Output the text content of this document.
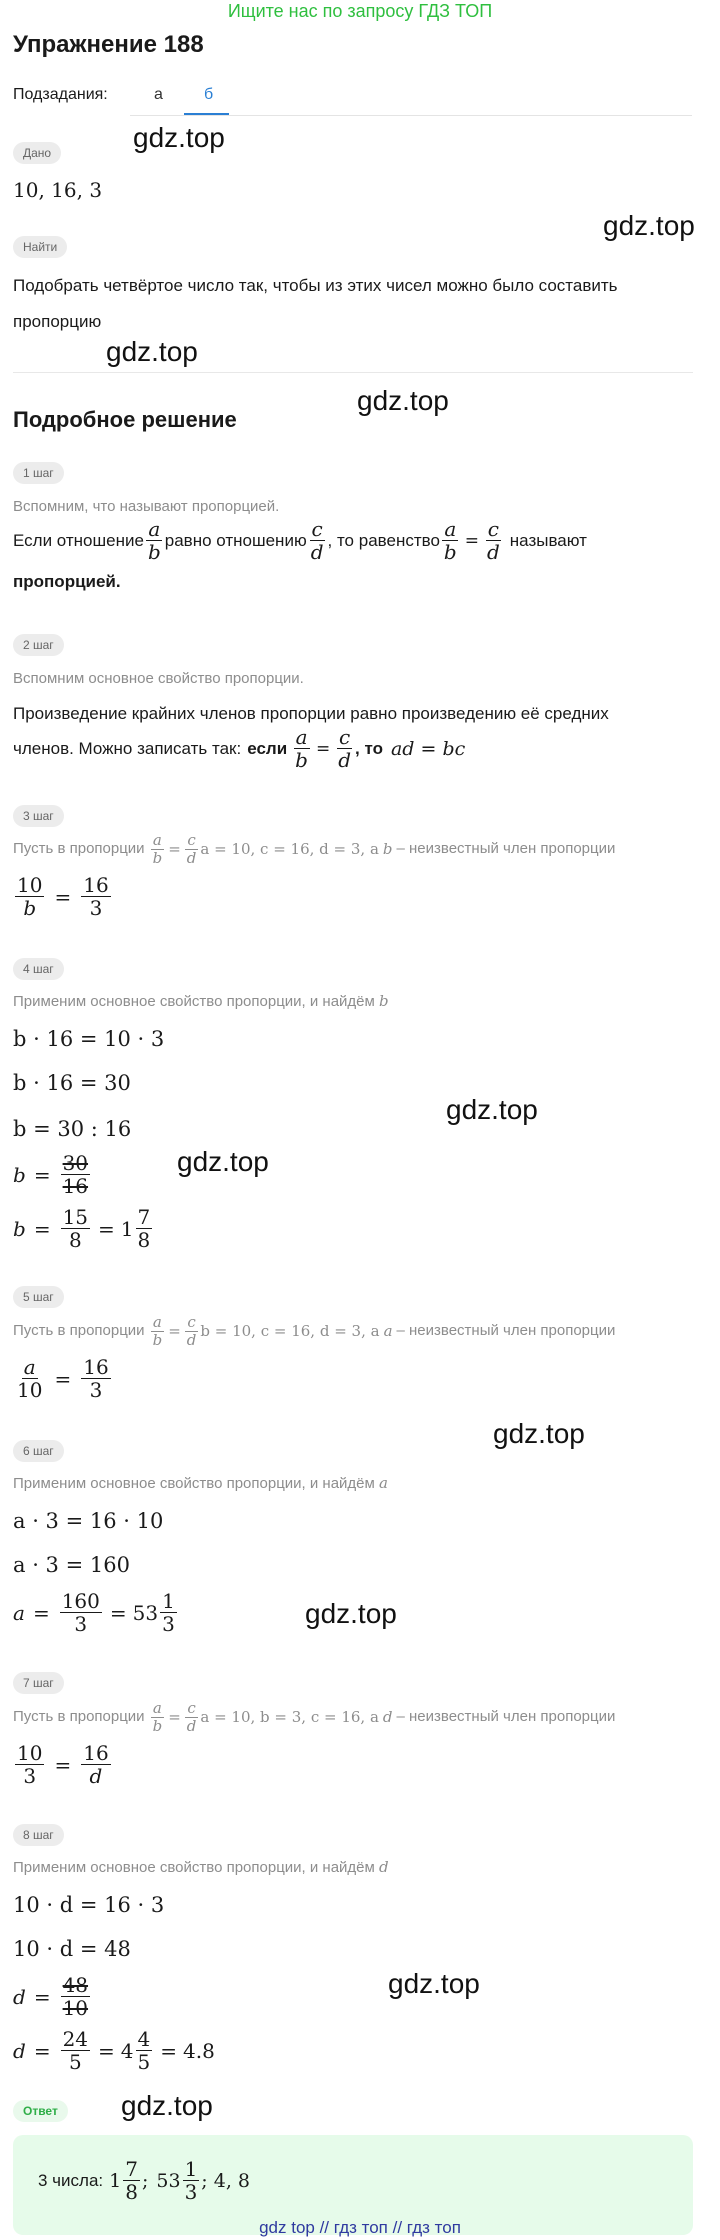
Ищите нас по запросу ГДЗ ТОП
Упражнение 188
Подзадания:	а	б
Дано
10, 16, 3
Найти
Подобрать четвёртое число так, чтобы из этих чисел можно было составить
пропорцию
Подробное решение
1 шаг
Вспомним, что называют пропорцией.
Если отношение $\frac{a}{b}$ равно отношению $\frac{c}{d}$ , то равенство $\frac{a}{b} = \frac{c}{d}$ называют
пропорцией.
2 шаг
Вспомним основное свойство пропорции.
Произведение крайних членов пропорции равно произведению её средних
членов. Можно записать так: если $\frac{a}{b} = \frac{c}{d}$ , то ad = bc
3 шаг
Пусть в пропорции $\frac{a}{b} = \frac{c}{d}$ a = 10, c = 16, d = 3, а b – неизвестный член пропорции
$\frac{10}{b} = \frac{16}{3}$
4 шаг
Применим основное свойство пропорции, и найдём b
b · 16 = 10 · 3
b · 16 = 30
b = 30 : 16
$b = \frac{30}{16}$
$b = \frac{15}{8} = 1 \frac{7}{8}$
5 шаг
Пусть в пропорции $\frac{a}{b} = \frac{c}{d}$ b = 10, c = 16, d = 3, а a – неизвестный член пропорции
$\frac{a}{10} = \frac{16}{3}$
6 шаг
Применим основное свойство пропорции, и найдём a
a · 3 = 16 · 10
a · 3 = 160
$a = \frac{160}{3} = 53 \frac{1}{3}$
7 шаг
Пусть в пропорции $\frac{a}{b} = \frac{c}{d}$ a = 10, b = 3, c = 16, а d – неизвестный член пропорции
$\frac{10}{3} = \frac{16}{d}$
8 шаг
Применим основное свойство пропорции, и найдём d
10 · d = 16 · 3
10 · d = 48
$d = \frac{48}{10}$
$d = \frac{24}{5} = 4 \frac{4}{5} = 4.8$
Ответ
3 числа: $1 \frac{7}{8}$ ; $53 \frac{1}{3}$ ; 4, 8
gdz.top
gdz.top
gdz.top
gdz.top
gdz.top
gdz.top
gdz.top
gdz.top
gdz.top
gdz.top
gdz top // гдз топ // гдз топ
